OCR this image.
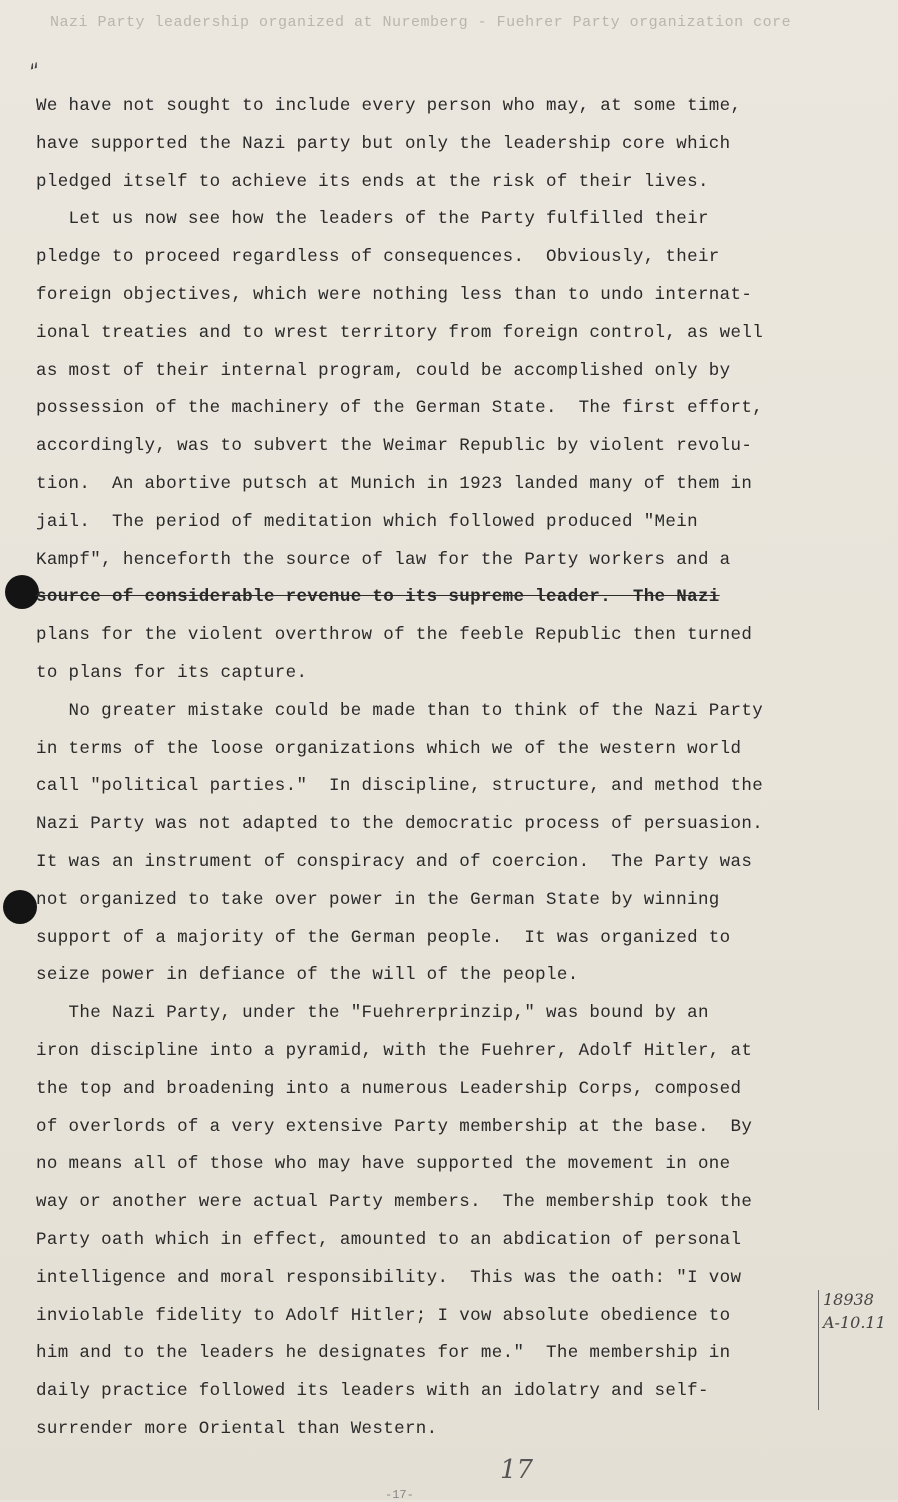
Nazi Party leadership organized at Nuremberg - Fuehrer Party organization core
“

We have not sought to include every person who may, at some time,

have supported the Nazi party but only the leadership core which

pledged itself to achieve its ends at the risk of their lives.

Let us now see how the leaders of the Party fulfilled their

pledge to proceed regardless of consequences.  Obviously, their

foreign objectives, which were nothing less than to undo internat-

ional treaties and to wrest territory from foreign control, as well

as most of their internal program, could be accomplished only by

possession of the machinery of the German State.  The first effort,

accordingly, was to subvert the Weimar Republic by violent revolu-

tion.  An abortive putsch at Munich in 1923 landed many of them in

jail.  The period of meditation which followed produced "Mein

Kampf", henceforth the source of law for the Party workers and a

source of considerable revenue to its supreme leader.  The Nazi

plans for the violent overthrow of the feeble Republic then turned

to plans for its capture.

No greater mistake could be made than to think of the Nazi Party

in terms of the loose organizations which we of the western world

call "political parties."  In discipline, structure, and method the

Nazi Party was not adapted to the democratic process of persuasion.

It was an instrument of conspiracy and of coercion.  The Party was

not organized to take over power in the German State by winning

support of a majority of the German people.  It was organized to

seize power in defiance of the will of the people.

The Nazi Party, under the "Fuehrerprinzip," was bound by an

iron discipline into a pyramid, with the Fuehrer, Adolf Hitler, at

the top and broadening into a numerous Leadership Corps, composed

of overlords of a very extensive Party membership at the base.  By

no means all of those who may have supported the movement in one

way or another were actual Party members.  The membership took the

Party oath which in effect, amounted to an abdication of personal

intelligence and moral responsibility.  This was the oath: "I vow

inviolable fidelity to Adolf Hitler; I vow absolute obedience to

him and to the leaders he designates for me."  The membership in

daily practice followed its leaders with an idolatry and self-

surrender more Oriental than Western.

18938
A-10.11
17
-17-
